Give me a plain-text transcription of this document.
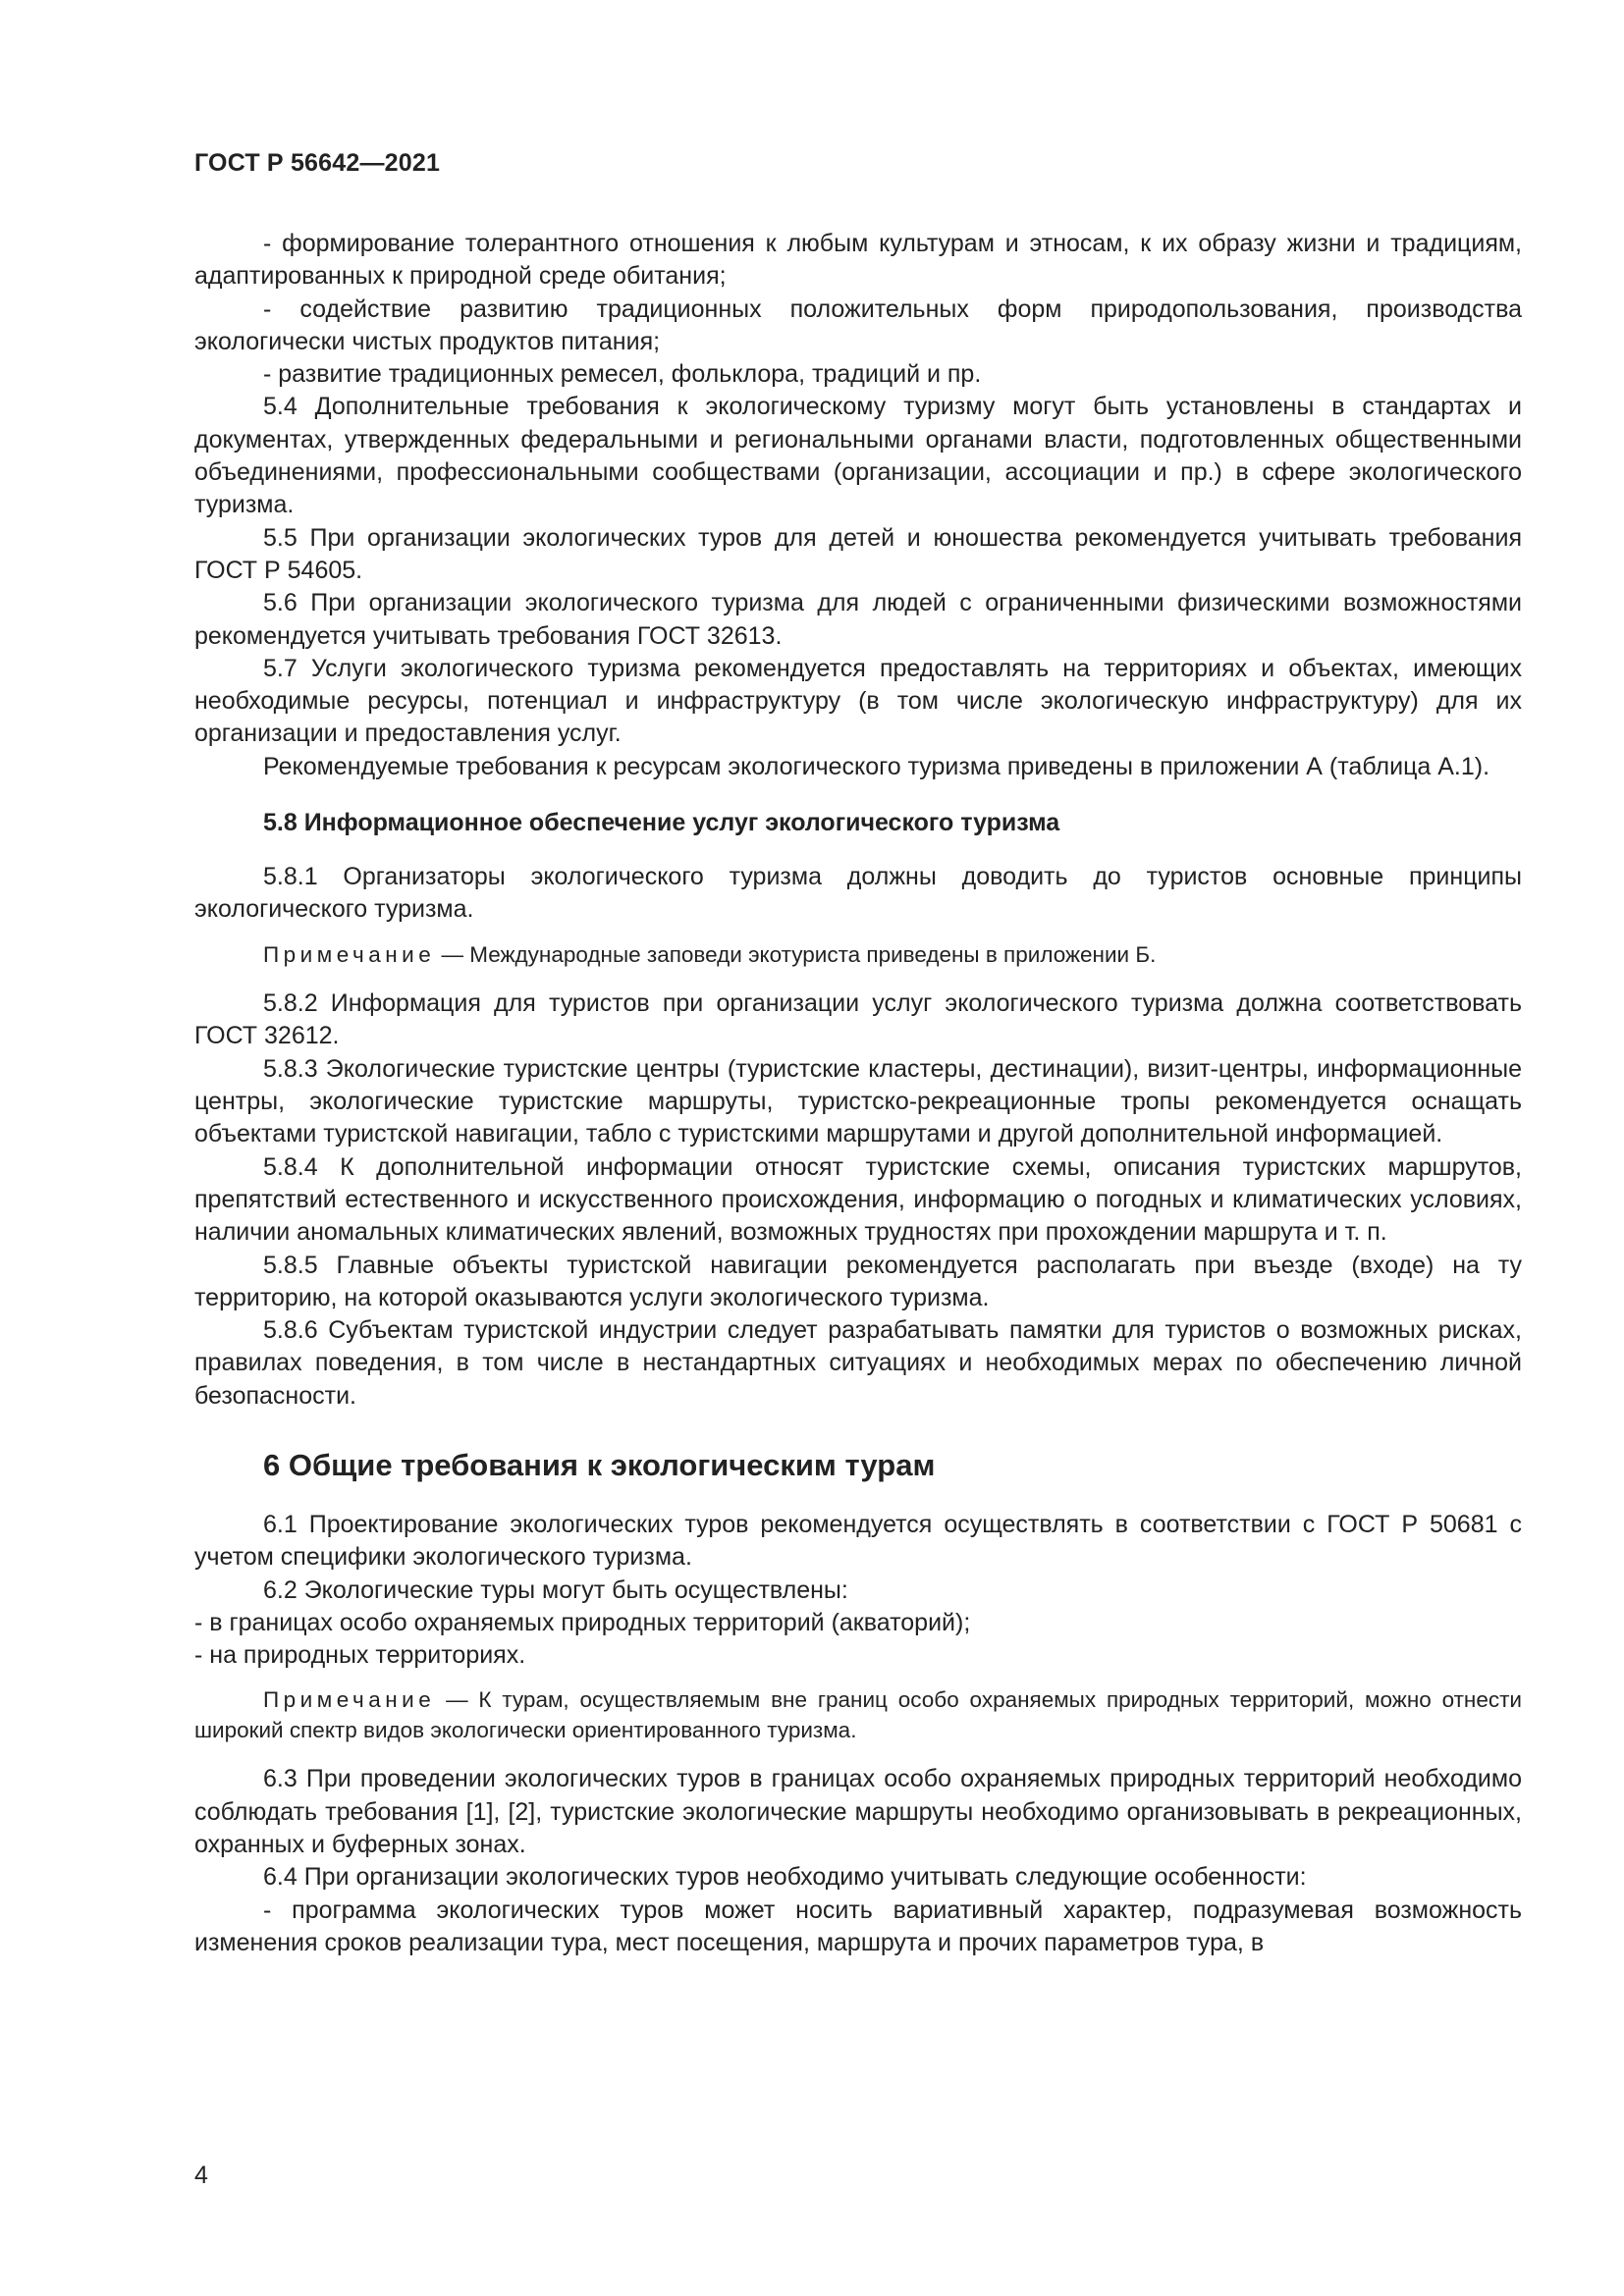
ГОСТ Р 56642—2021

- формирование толерантного отношения к любым культурам и этносам, к их образу жизни и традициям, адаптированных к природной среде обитания;

- содействие развитию традиционных положительных форм природопользования, производства экологически чистых продуктов питания;

- развитие традиционных ремесел, фольклора, традиций и пр.

5.4 Дополнительные требования к экологическому туризму могут быть установлены в стандартах и документах, утвержденных федеральными и региональными органами власти, подготовленных общественными объединениями, профессиональными сообществами (организации, ассоциации и пр.) в сфере экологического туризма.

5.5 При организации экологических туров для детей и юношества рекомендуется учитывать требования ГОСТ Р 54605.

5.6 При организации экологического туризма для людей с ограниченными физическими возможностями рекомендуется учитывать требования ГОСТ 32613.

5.7 Услуги экологического туризма рекомендуется предоставлять на территориях и объектах, имеющих необходимые ресурсы, потенциал и инфраструктуру (в том числе экологическую инфраструктуру) для их организации и предоставления услуг.

Рекомендуемые требования к ресурсам экологического туризма приведены в приложении А (таблица А.1).

5.8 Информационное обеспечение услуг экологического туризма

5.8.1 Организаторы экологического туризма должны доводить до туристов основные принципы экологического туризма.

Примечание — Международные заповеди экотуриста приведены в приложении Б.

5.8.2 Информация для туристов при организации услуг экологического туризма должна соответствовать ГОСТ 32612.

5.8.3 Экологические туристские центры (туристские кластеры, дестинации), визит-центры, информационные центры, экологические туристские маршруты, туристско-рекреационные тропы рекомендуется оснащать объектами туристской навигации, табло с туристскими маршрутами и другой дополнительной информацией.

5.8.4 К дополнительной информации относят туристские схемы, описания туристских маршрутов, препятствий естественного и искусственного происхождения, информацию о погодных и климатических условиях, наличии аномальных климатических явлений, возможных трудностях при прохождении маршрута и т. п.

5.8.5 Главные объекты туристской навигации рекомендуется располагать при въезде (входе) на ту территорию, на которой оказываются услуги экологического туризма.

5.8.6 Субъектам туристской индустрии следует разрабатывать памятки для туристов о возможных рисках, правилах поведения, в том числе в нестандартных ситуациях и необходимых мерах по обеспечению личной безопасности.

6 Общие требования к экологическим турам

6.1 Проектирование экологических туров рекомендуется осуществлять в соответствии с ГОСТ Р 50681 с учетом специфики экологического туризма.

6.2 Экологические туры могут быть осуществлены:

- в границах особо охраняемых природных территорий (акваторий);

- на природных территориях.

Примечание — К турам, осуществляемым вне границ особо охраняемых природных территорий, можно отнести широкий спектр видов экологически ориентированного туризма.

6.3 При проведении экологических туров в границах особо охраняемых природных территорий необходимо соблюдать требования [1], [2], туристские экологические маршруты необходимо организовывать в рекреационных, охранных и буферных зонах.

6.4 При организации экологических туров необходимо учитывать следующие особенности:

- программа экологических туров может носить вариативный характер, подразумевая возможность изменения сроков реализации тура, мест посещения, маршрута и прочих параметров тура, в

4
